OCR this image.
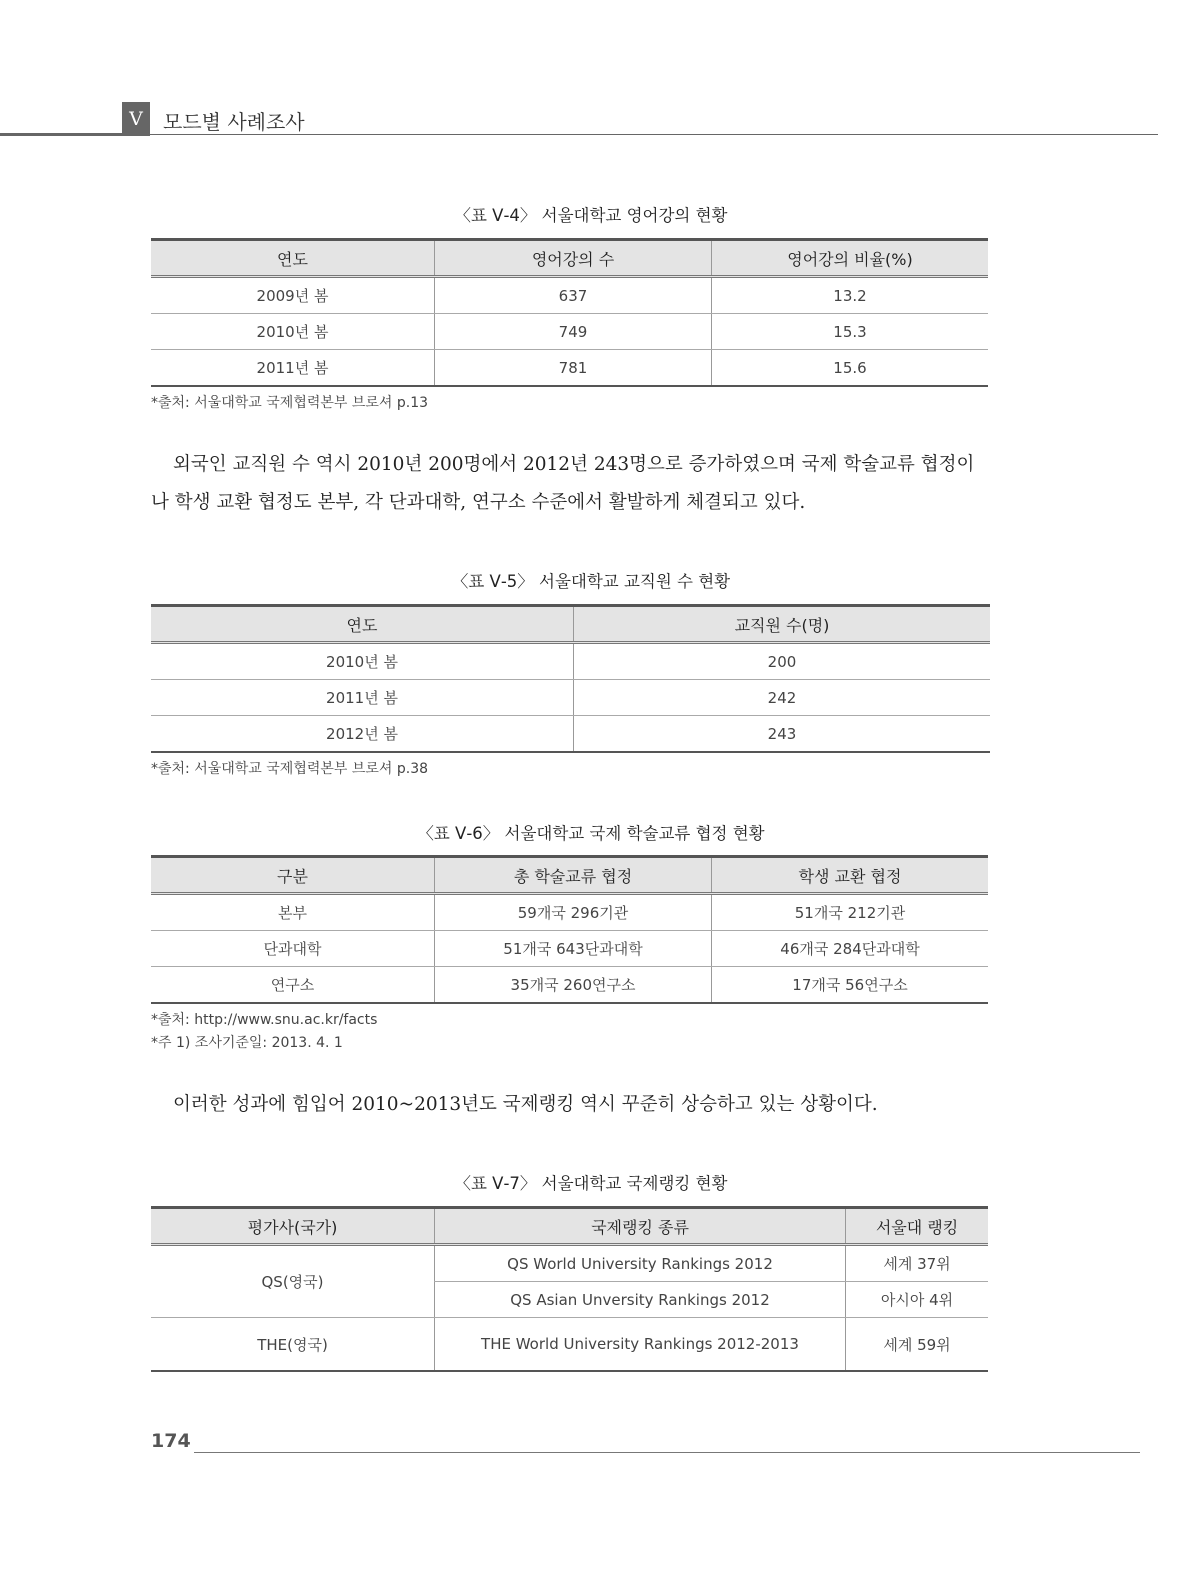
V	모드별 사례조사
〈표 Ⅴ-4〉 서울대학교 영어강의 현황
연도	영어강의 수	영어강의 비율(%)
2009년 봄	637	13.2
2010년 봄	749	15.3
2011년 봄	781	15.6
*출처: 서울대학교 국제협력본부 브로셔 p.13
외국인 교직원 수 역시 2010년 200명에서 2012년 243명으로 증가하였으며 국제 학술교류 협정이나 학생 교환 협정도 본부, 각 단과대학, 연구소 수준에서 활발하게 체결되고 있다.
〈표 Ⅴ-5〉 서울대학교 교직원 수 현황
연도	교직원 수(명)
2010년 봄	200
2011년 봄	242
2012년 봄	243
*출처: 서울대학교 국제협력본부 브로셔 p.38
〈표 Ⅴ-6〉 서울대학교 국제 학술교류 협정 현황
구분	총 학술교류 협정	학생 교환 협정
본부	59개국 296기관	51개국 212기관
단과대학	51개국 643단과대학	46개국 284단과대학
연구소	35개국 260연구소	17개국 56연구소
*출처: http://www.snu.ac.kr/facts
*주 1) 조사기준일: 2013. 4. 1
이러한 성과에 힘입어 2010~2013년도 국제랭킹 역시 꾸준히 상승하고 있는 상황이다.
〈표 Ⅴ-7〉 서울대학교 국제랭킹 현황
평가사(국가)	국제랭킹 종류	서울대 랭킹
QS(영국)	QS World University Rankings 2012	세계 37위
	QS Asian Unversity Rankings 2012	아시아 4위
THE(영국)	THE World University Rankings 2012-2013	세계 59위
174
